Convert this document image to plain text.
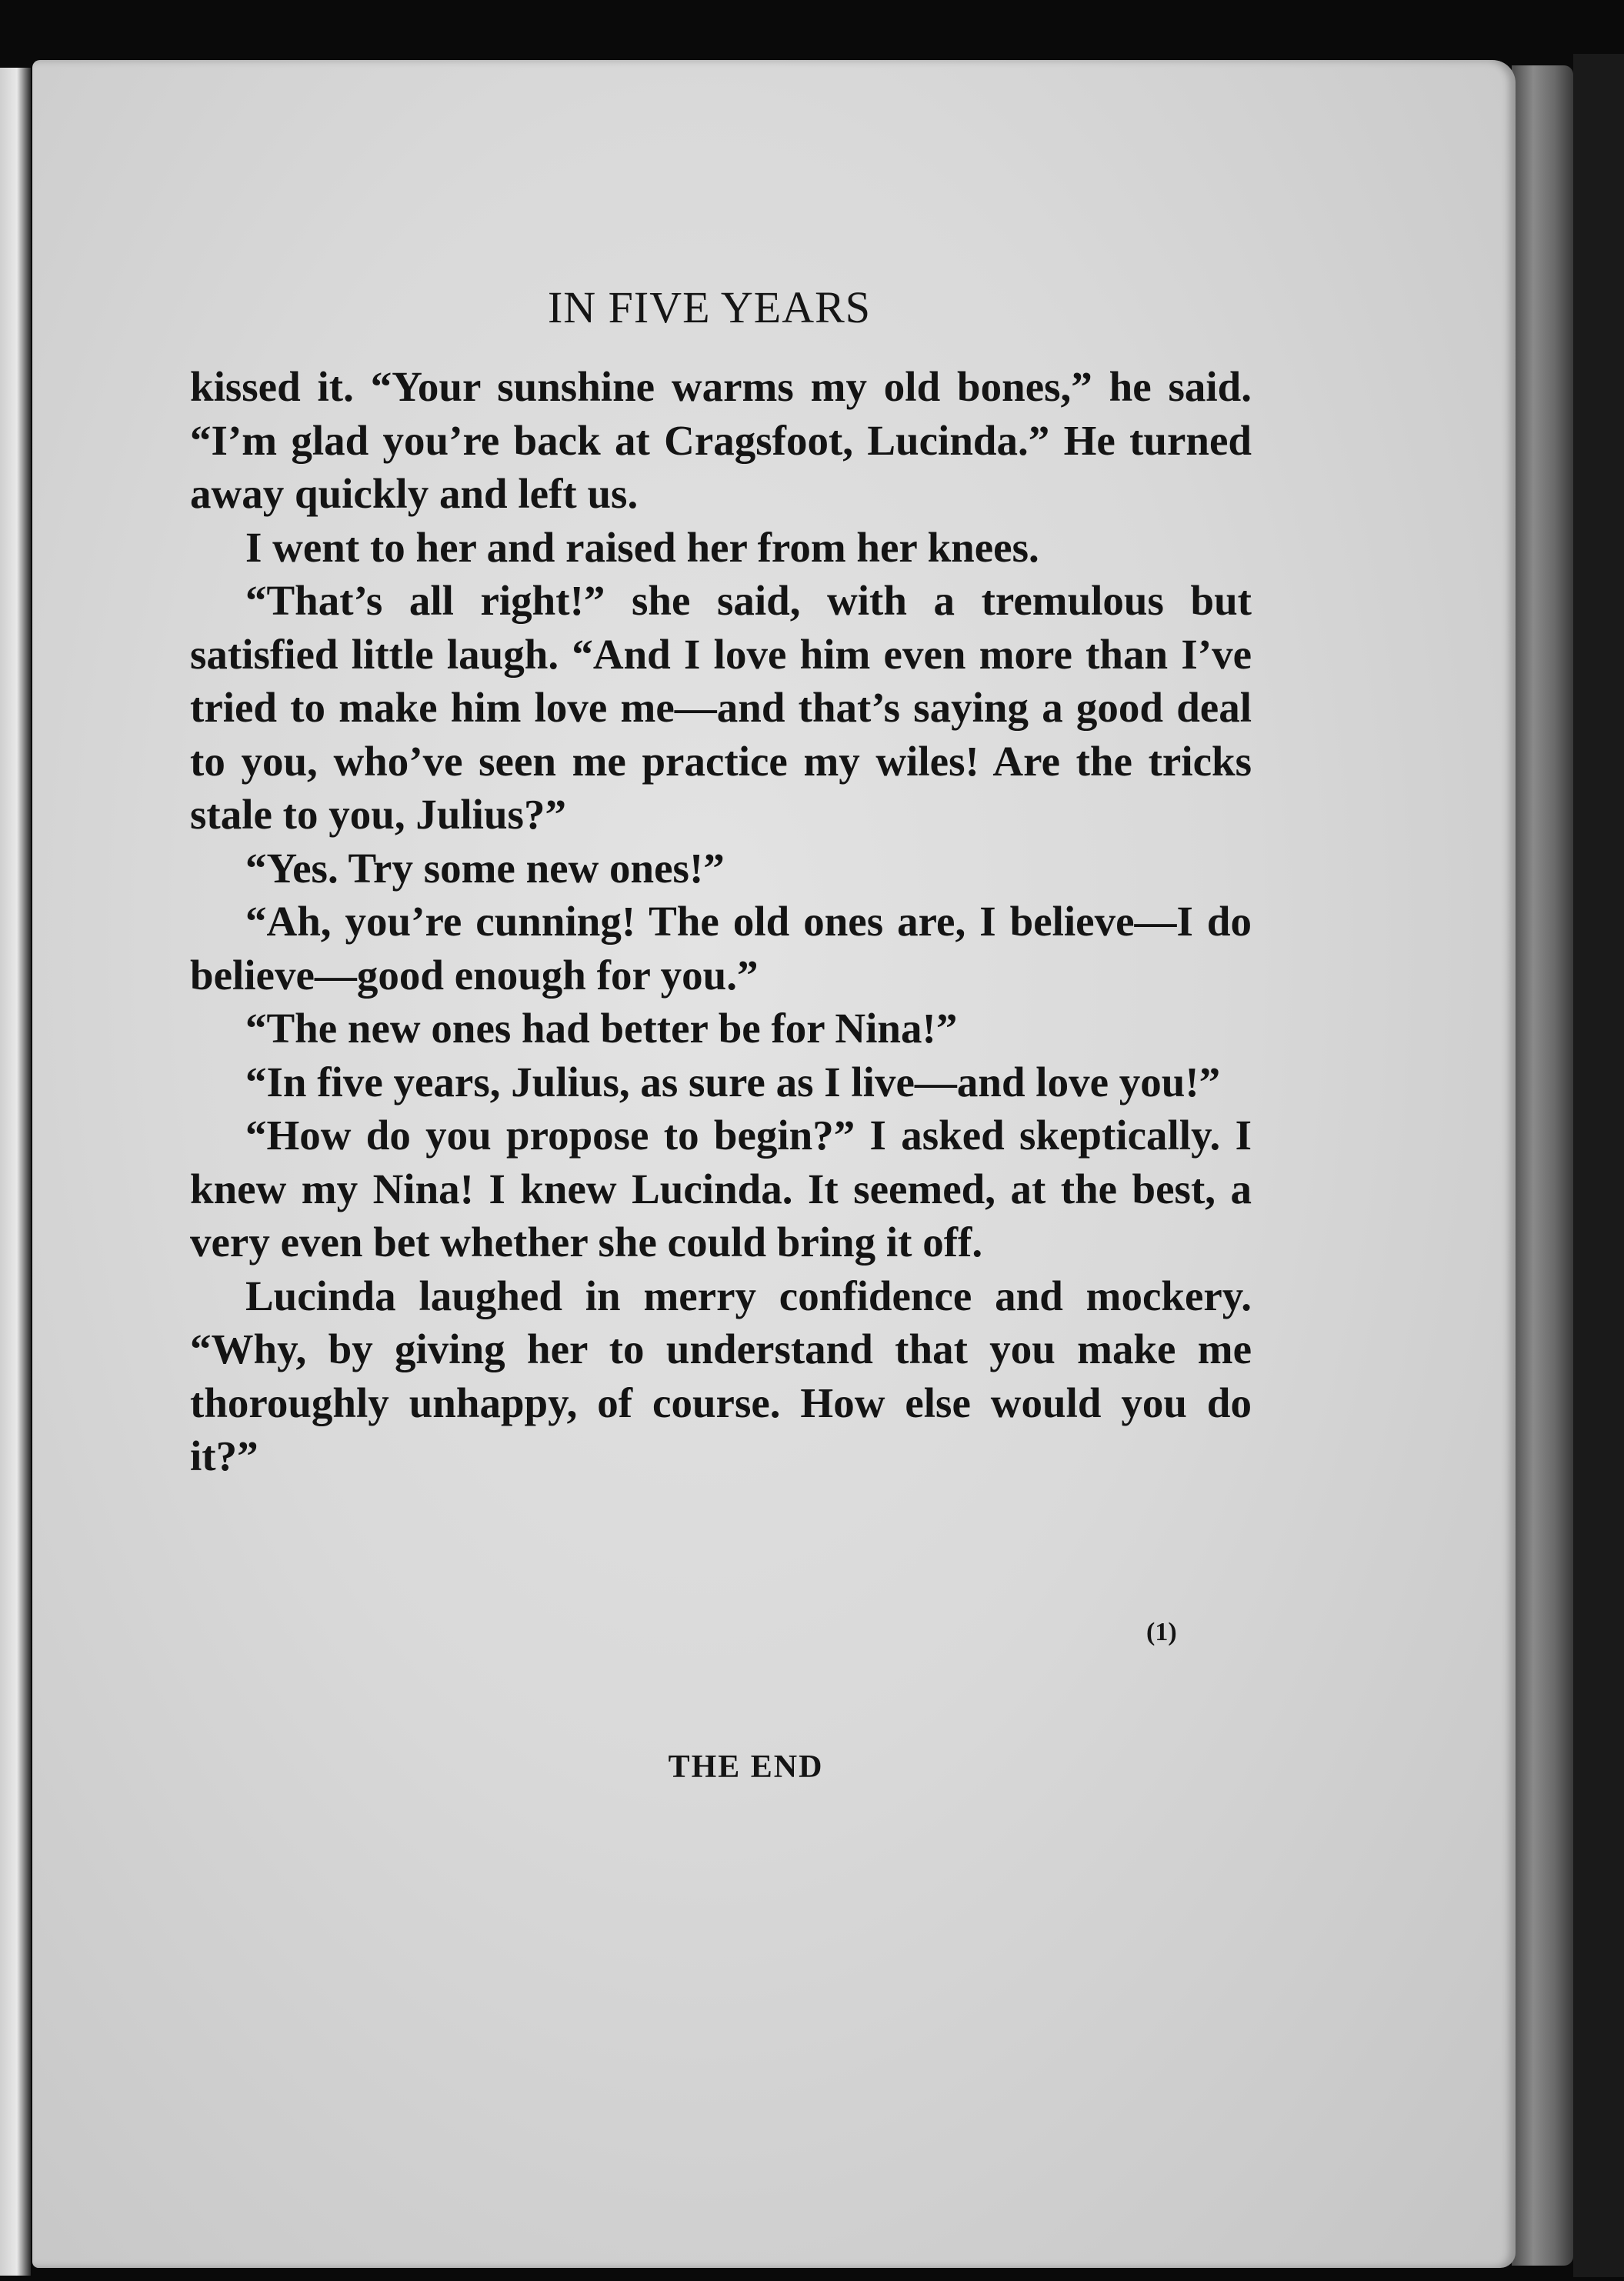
IN FIVE YEARS

kissed it. “Your sunshine warms my old bones,” he said. “I’m glad you’re back at Cragsfoot, Lucinda.” He turned away quickly and left us.

I went to her and raised her from her knees.

“That’s all right!” she said, with a tremulous but satisfied little laugh. “And I love him even more than I’ve tried to make him love me—and that’s saying a good deal to you, who’ve seen me practice my wiles! Are the tricks stale to you, Julius?”

“Yes. Try some new ones!”

“Ah, you’re cunning! The old ones are, I believe—I do believe—good enough for you.”

“The new ones had better be for Nina!”

“In five years, Julius, as sure as I live—and love you!”

“How do you propose to begin?” I asked skeptically. I knew my Nina! I knew Lucinda. It seemed, at the best, a very even bet whether she could bring it off.

Lucinda laughed in merry confidence and mockery. “Why, by giving her to understand that you make me thoroughly unhappy, of course. How else would you do it?”

(1)
THE END
